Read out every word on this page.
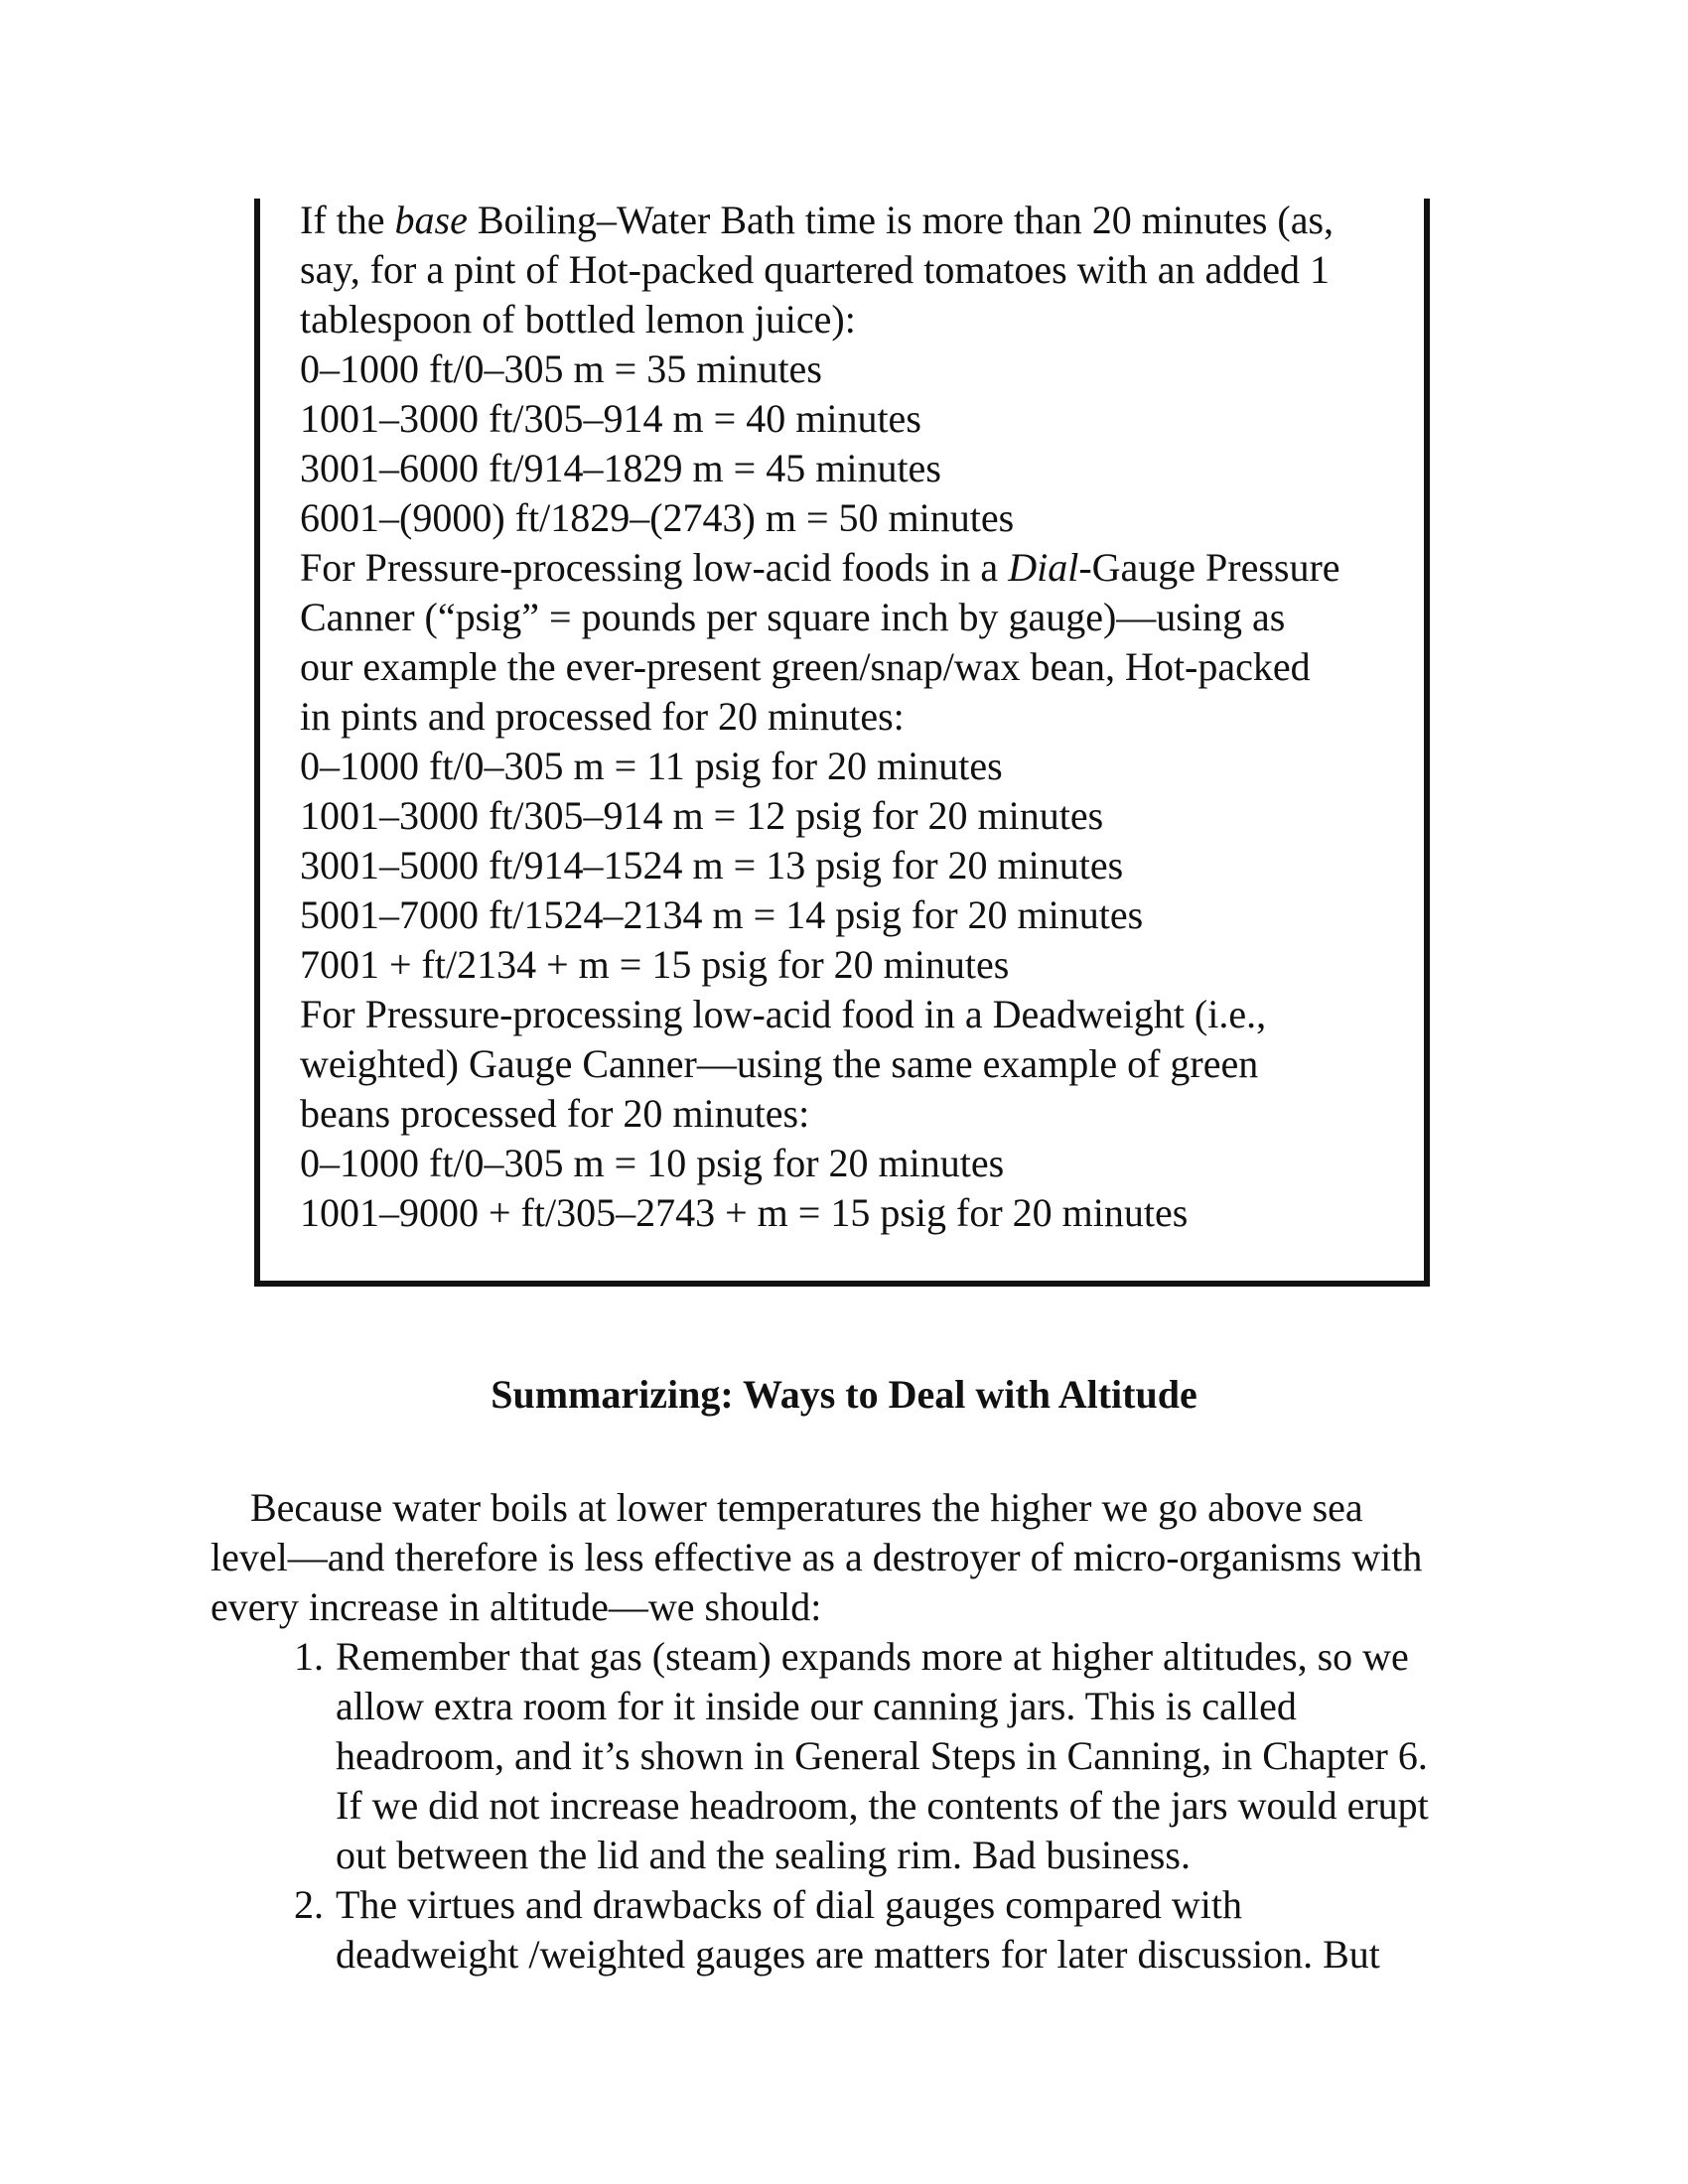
If the base Boiling–Water Bath time is more than 20 minutes (as,
say, for a pint of Hot-packed quartered tomatoes with an added 1
tablespoon of bottled lemon juice):
0–1000 ft/0–305 m = 35 minutes
1001–3000 ft/305–914 m = 40 minutes
3001–6000 ft/914–1829 m = 45 minutes
6001–(9000) ft/1829–(2743) m = 50 minutes
For Pressure-processing low-acid foods in a Dial-Gauge Pressure
Canner (“psig” = pounds per square inch by gauge)—using as
our example the ever-present green/snap/wax bean, Hot-packed
in pints and processed for 20 minutes:
0–1000 ft/0–305 m = 11 psig for 20 minutes
1001–3000 ft/305–914 m = 12 psig for 20 minutes
3001–5000 ft/914–1524 m = 13 psig for 20 minutes
5001–7000 ft/1524–2134 m = 14 psig for 20 minutes
7001 + ft/2134 + m = 15 psig for 20 minutes
For Pressure-processing low-acid food in a Deadweight (i.e.,
weighted) Gauge Canner—using the same example of green
beans processed for 20 minutes:
0–1000 ft/0–305 m = 10 psig for 20 minutes
1001–9000 + ft/305–2743 + m = 15 psig for 20 minutes
Summarizing: Ways to Deal with Altitude
Because water boils at lower temperatures the higher we go above sea
level—and therefore is less effective as a destroyer of micro-organisms with
every increase in altitude—we should:
1. Remember that gas (steam) expands more at higher altitudes, so we
allow extra room for it inside our canning jars. This is called
headroom, and it’s shown in General Steps in Canning, in Chapter 6.
If we did not increase headroom, the contents of the jars would erupt
out between the lid and the sealing rim. Bad business.
2. The virtues and drawbacks of dial gauges compared with
deadweight /weighted gauges are matters for later discussion. But
